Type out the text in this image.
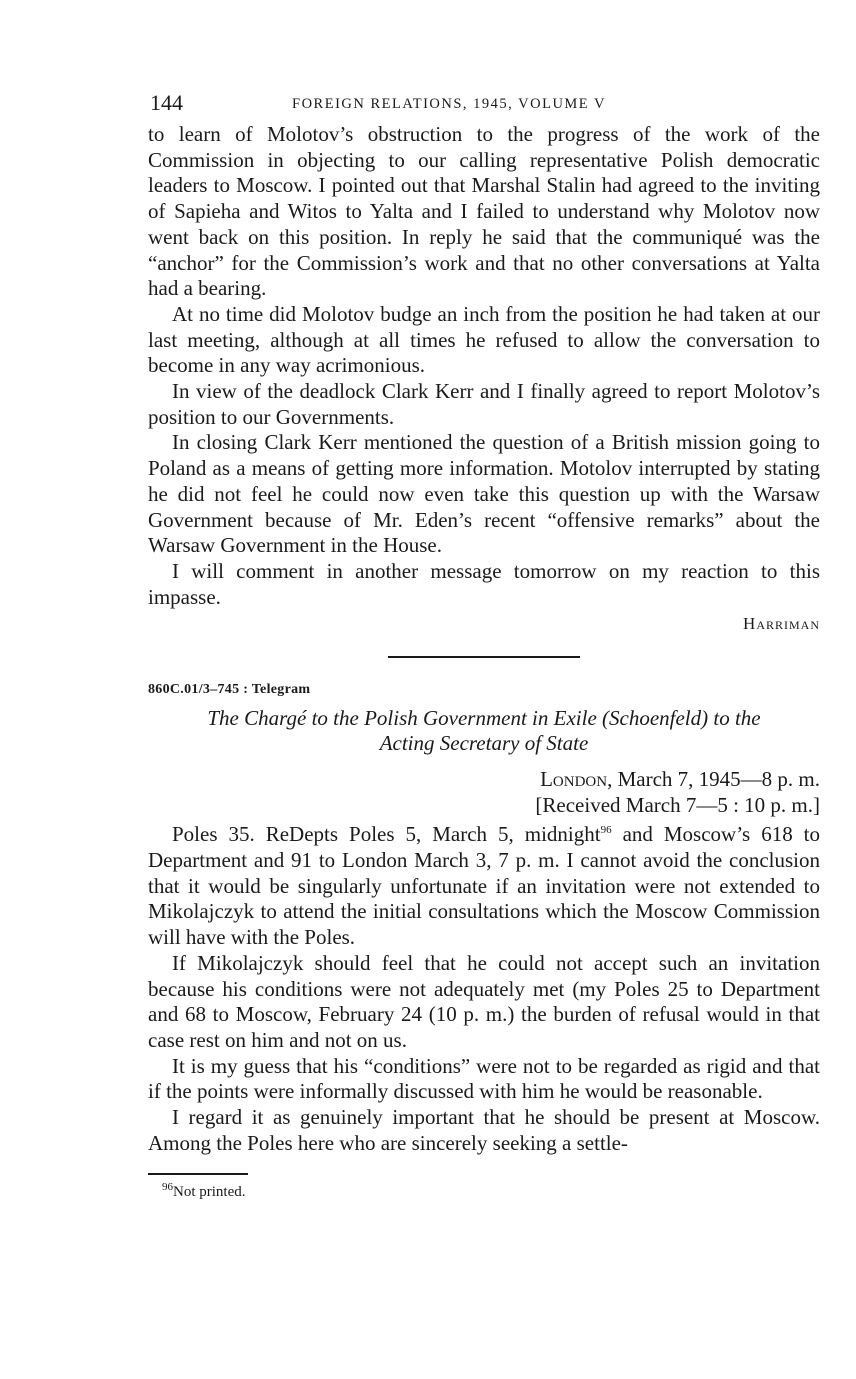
144	FOREIGN RELATIONS, 1945, VOLUME V

to learn of Molotov’s obstruction to the progress of the work of the Commission in objecting to our calling representative Polish democratic leaders to Moscow. I pointed out that Marshal Stalin had agreed to the inviting of Sapieha and Witos to Yalta and I failed to understand why Molotov now went back on this position. In reply he said that the communiqué was the “anchor” for the Commission’s work and that no other conversations at Yalta had a bearing.

At no time did Molotov budge an inch from the position he had taken at our last meeting, although at all times he refused to allow the conversation to become in any way acrimonious.

In view of the deadlock Clark Kerr and I finally agreed to report Molotov’s position to our Governments.

In closing Clark Kerr mentioned the question of a British mission going to Poland as a means of getting more information. Motolov interrupted by stating he did not feel he could now even take this question up with the Warsaw Government because of Mr. Eden’s recent “offensive remarks” about the Warsaw Government in the House.

I will comment in another message tomorrow on my reaction to this impasse.

Harriman
860C.01/3–745 : Telegram
The Chargé to the Polish Government in Exile (Schoenfeld) to the
Acting Secretary of State
London, March 7, 1945—8 p. m.
[Received March 7—5 : 10 p. m.]

Poles 35. ReDepts Poles 5, March 5, midnight$^{96}$ and Moscow’s 618 to Department and 91 to London March 3, 7 p. m. I cannot avoid the conclusion that it would be singularly unfortunate if an invitation were not extended to Mikolajczyk to attend the initial consultations which the Moscow Commission will have with the Poles.

If Mikolajczyk should feel that he could not accept such an invitation because his conditions were not adequately met (my Poles 25 to Department and 68 to Moscow, February 24 (10 p. m.) the burden of refusal would in that case rest on him and not on us.

It is my guess that his “conditions” were not to be regarded as rigid and that if the points were informally discussed with him he would be reasonable.

I regard it as genuinely important that he should be present at Moscow. Among the Poles here who are sincerely seeking a settle-

$^{96}$Not printed.
